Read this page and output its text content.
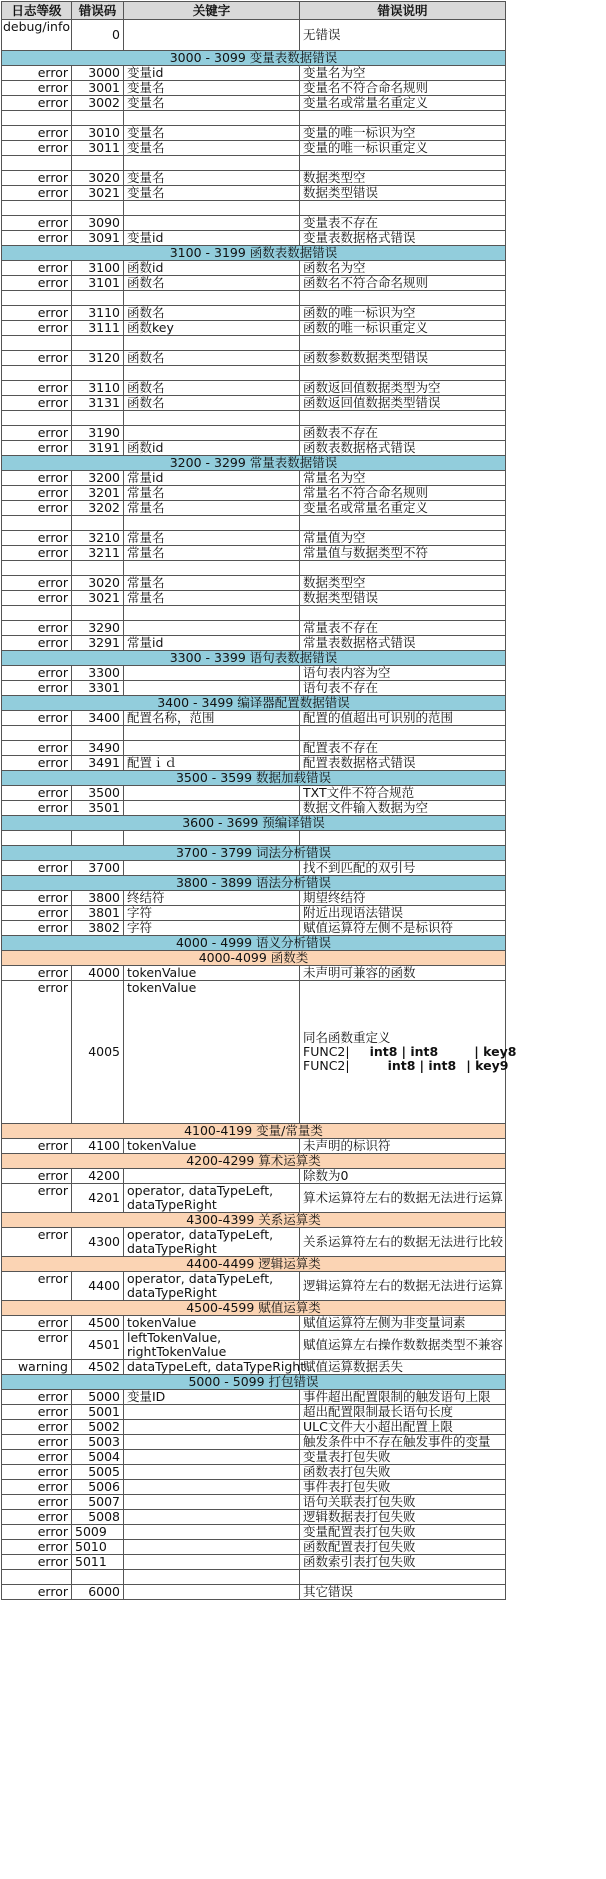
日志等级	错误码	关键字	错误说明
debug/info	0		无错误
3000 - 3099 变量表数据错误			
error	3000	变量id	变量名为空
error	3001	变量名	变量名不符合命名规则
error	3002	变量名	变量名或常量名重定义

error	3010	变量名	变量的唯一标识为空
error	3011	变量名	变量的唯一标识重定义

error	3020	变量名	数据类型空
error	3021	变量名	数据类型错误

error	3090		变量表不存在
error	3091	变量id	变量表数据格式错误
3100 - 3199 函数表数据错误			
error	3100	函数id	函数名为空
error	3101	函数名	函数名不符合命名规则

error	3110	函数名	函数的唯一标识为空
error	3111	函数key	函数的唯一标识重定义

error	3120	函数名	函数参数数据类型错误

error	3110	函数名	函数返回值数据类型为空
error	3131	函数名	函数返回值数据类型错误

error	3190		函数表不存在
error	3191	函数id	函数表数据格式错误
3200 - 3299 常量表数据错误			
error	3200	常量id	常量名为空
error	3201	常量名	常量名不符合命名规则
error	3202	常量名	变量名或常量名重定义

error	3210	常量名	常量值为空
error	3211	常量名	常量值与数据类型不符

error	3020	常量名	数据类型空
error	3021	常量名	数据类型错误

error	3290		常量表不存在
error	3291	常量id	常量表数据格式错误
3300 - 3399 语句表数据错误			
error	3300		语句表内容为空
error	3301		语句表不存在
3400 - 3499 编译器配置数据错误			
error	3400	配置名称，范围	配置的值超出可识别的范围

error	3490		配置表不存在
error	3491	配置ｉｄ	配置表数据格式错误
3500 - 3599 数据加载错误			
error	3500		TXT文件不符合规范
error	3501		数据文件输入数据为空
3600 - 3699 预编译错误			

3700 - 3799 词法分析错误			
error	3700		找不到匹配的双引号
3800 - 3899 语法分析错误			
error	3800	终结符	期望终结符
error	3801	字符	附近出现语法错误
error	3802	字符	赋值运算符左侧不是标识符
4000 - 4999 语义分析错误			
4000-4099 函数类			
error	4000	tokenValue	未声明可兼容的函数
error	4005	tokenValue	同名函数重定义
FUNC2| int8 | int8 | key8
FUNC2| int8 | int8 | key9

4100-4199 变量/常量类			
error	4100	tokenValue	未声明的标识符
4200-4299 算术运算类			
error	4200		除数为0
error	4201	operator, dataTypeLeft, dataTypeRight	算术运算符左右的数据无法进行运算
4300-4399 关系运算类			
error	4300	operator, dataTypeLeft, dataTypeRight	关系运算符左右的数据无法进行比较
4400-4499 逻辑运算类			
error	4400	operator, dataTypeLeft, dataTypeRight	逻辑运算符左右的数据无法进行运算
4500-4599 赋值运算类			
error	4500	tokenValue	赋值运算符左侧为非变量词素
error	4501	leftTokenValue, rightTokenValue	赋值运算左右操作数数据类型不兼容
warning	4502	dataTypeLeft, dataTypeRight	赋值运算数据丢失
5000 - 5099 打包错误			
error	5000	变量ID	事件超出配置限制的触发语句上限
error	5001		超出配置限制最长语句长度
error	5002		ULC文件大小超出配置上限
error	5003		触发条件中不存在触发事件的变量
error	5004		变量表打包失败
error	5005		函数表打包失败
error	5006		事件表打包失败
error	5007		语句关联表打包失败
error	5008		逻辑数据表打包失败
error	5009		变量配置表打包失败
error	5010		函数配置表打包失败
error	5011		函数索引表打包失败

error	6000		其它错误
